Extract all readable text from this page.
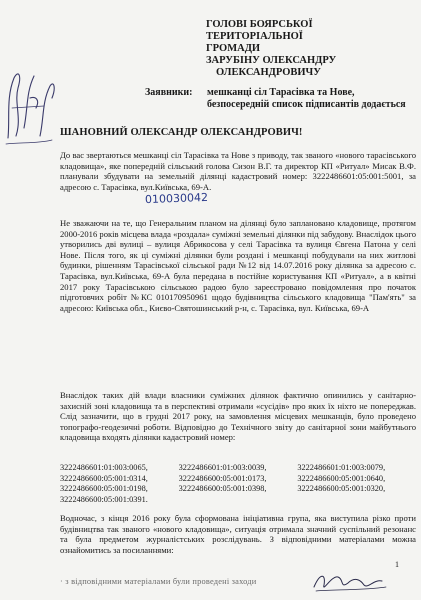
ГОЛОВІ БОЯРСЬКОЇ ТЕРИТОРІАЛЬНОЇ
ГРОМАДИ
ЗАРУБІНУ ОЛЕКСАНДРУ
ОЛЕКСАНДРОВИЧУ
Заявники: мешканці сіл Тарасівка та Нове,
безпосередній список підписантів додається
ШАНОВНИЙ ОЛЕКСАНДР ОЛЕКСАНДРОВИЧ!
До вас звертаються мешканці сіл Тарасівка та Нове з приводу, так званого «нового тарасівського кладовища», яке попередній сільський голова Сизон В.Г. та директор КП «Ритуал» Мисак В.Ф. планували збудувати на земельній ділянці кадастровий номер: 3222486601:05:001:5001, за адресою с. Тарасівка, вул.Київська, 69-А.
010030042
Не зважаючи на те, що Генеральним планом на ділянці було заплановано кладовище, протягом 2000-2016 років місцева влада «роздала» суміжні земельні ділянки під забудову. Внаслідок цього утворились дві вулиці – вулиця Абрикосова у селі Тарасівка та вулиця Євгена Патона у селі Нове. Після того, як ці суміжні ділянки були роздані і мешканці побудували на них житлові будинки, рішенням Тарасівської сільської ради №12 від 14.07.2016 року ділянка за адресою с. Тарасівка, вул.Київська, 69-А була передана в постійне користування КП «Ритуал», а в квітні 2017 року Тарасівською сільською радою було зареєстровано повідомлення про початок підготовчих робіт №КС 010170950961 щодо будівництва сільського кладовища "Пам'ять" за адресою: Київська обл., Києво-Святошинський р-н, с. Тарасівка, вул. Київська, 69-А
Внаслідок таких дій влади власники суміжних ділянок фактично опинились у санітарно-захисній зоні кладовища та в перспективі отримали «сусідів» про яких їх ніхто не попереджав. Слід зазначити, що в грудні 2017 року, на замовлення місцевих мешканців, було проведено топографо-геодезичні роботи. Відповідно до Технічного звіту до санітарної зони майбутнього кладовища входять ділянки кадастровий номер:
3222486601:01:003:0065,	3222486601:01:003:0039,	3222486601:01:003:0079,
3222486600:05:001:0314,	3222486600:05:001:0173,	3222486600:05:001:0640,
3222486600:05:001:0198,	3222486600:05:001:0398,	3222486600:05:001:0320,
3222486600:05:001:0391.
Водночас, з кінця 2016 року була сформована ініціативна група, яка виступила різко проти будівництва так званого «нового кладовища», ситуація отримала значний суспільний резонанс та була предметом журналістських розслідувань. З відповідними матеріалами можна ознайомитись за посиланнями:
· з відповідними матеріалами були проведені заходи
1
